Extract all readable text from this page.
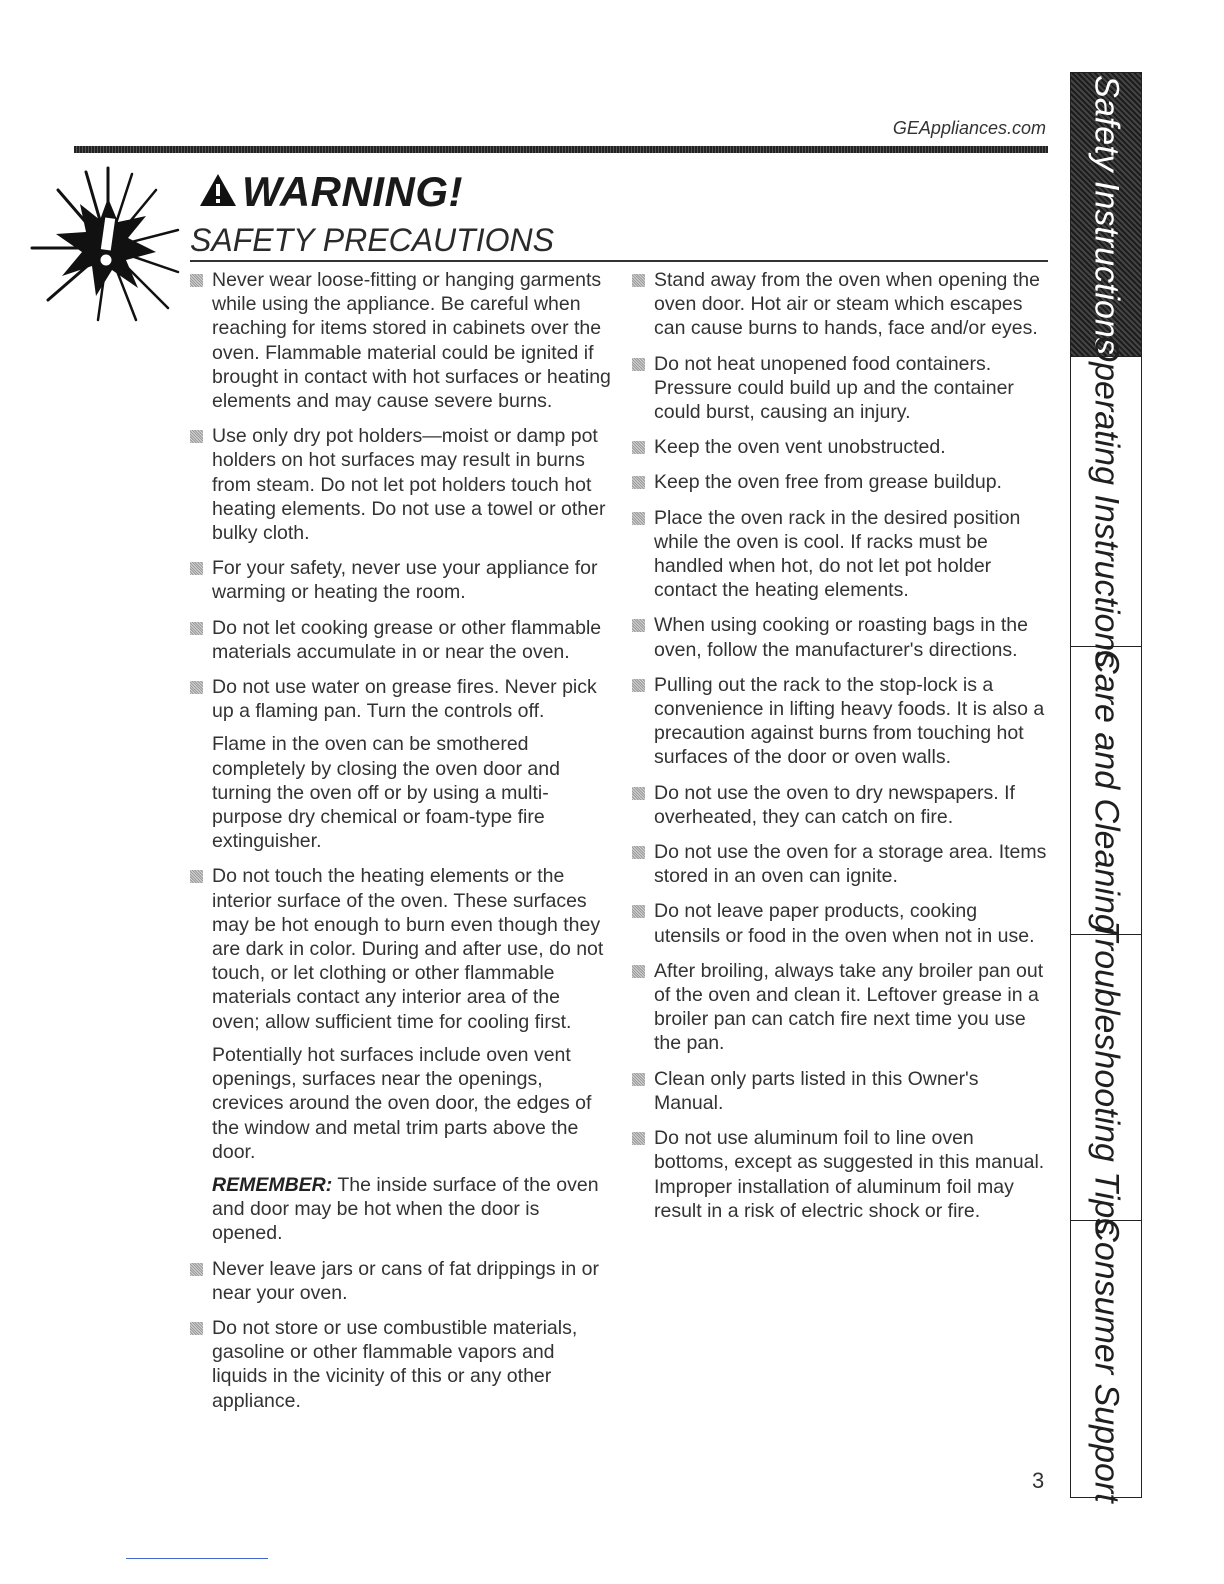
GEAppliances.com
WARNING!
SAFETY PRECAUTIONS
Never wear loose-fitting or hanging garments while using the appliance. Be careful when reaching for items stored in cabinets over the oven. Flammable material could be ignited if brought in contact with hot surfaces or heating elements and may cause severe burns.
Use only dry pot holders—moist or damp pot holders on hot surfaces may result in burns from steam. Do not let pot holders touch hot heating elements. Do not use a towel or other bulky cloth.
For your safety, never use your appliance for warming or heating the room.
Do not let cooking grease or other flammable materials accumulate in or near the oven.
Do not use water on grease fires. Never pick up a flaming pan. Turn the controls off.
Flame in the oven can be smothered completely by closing the oven door and turning the oven off or by using a multi-purpose dry chemical or foam-type fire extinguisher.
Do not touch the heating elements or the interior surface of the oven. These surfaces may be hot enough to burn even though they are dark in color. During and after use, do not touch, or let clothing or other flammable materials contact any interior area of the oven; allow sufficient time for cooling first.
Potentially hot surfaces include oven vent openings, surfaces near the openings, crevices around the oven door, the edges of the window and metal trim parts above the door.
REMEMBER: The inside surface of the oven and door may be hot when the door is opened.
Never leave jars or cans of fat drippings in or near your oven.
Do not store or use combustible materials, gasoline or other flammable vapors and liquids in the vicinity of this or any other appliance.
Stand away from the oven when opening the oven door. Hot air or steam which escapes can cause burns to hands, face and/or eyes.
Do not heat unopened food containers. Pressure could build up and the container could burst, causing an injury.
Keep the oven vent unobstructed.
Keep the oven free from grease buildup.
Place the oven rack in the desired position while the oven is cool. If racks must be handled when hot, do not let pot holder contact the heating elements.
When using cooking or roasting bags in the oven, follow the manufacturer's directions.
Pulling out the rack to the stop-lock is a convenience in lifting heavy foods. It is also a precaution against burns from touching hot surfaces of the door or oven walls.
Do not use the oven to dry newspapers. If overheated, they can catch on fire.
Do not use the oven for a storage area. Items stored in an oven can ignite.
Do not leave paper products, cooking utensils or food in the oven when not in use.
After broiling, always take any broiler pan out of the oven and clean it. Leftover grease in a broiler pan can catch fire next time you use the pan.
Clean only parts listed in this Owner's Manual.
Do not use aluminum foil to line oven bottoms, except as suggested in this manual. Improper installation of aluminum foil may result in a risk of electric shock or fire.
Safety Instructions
Operating Instructions
Care and Cleaning
Troubleshooting Tips
Consumer Support
3
